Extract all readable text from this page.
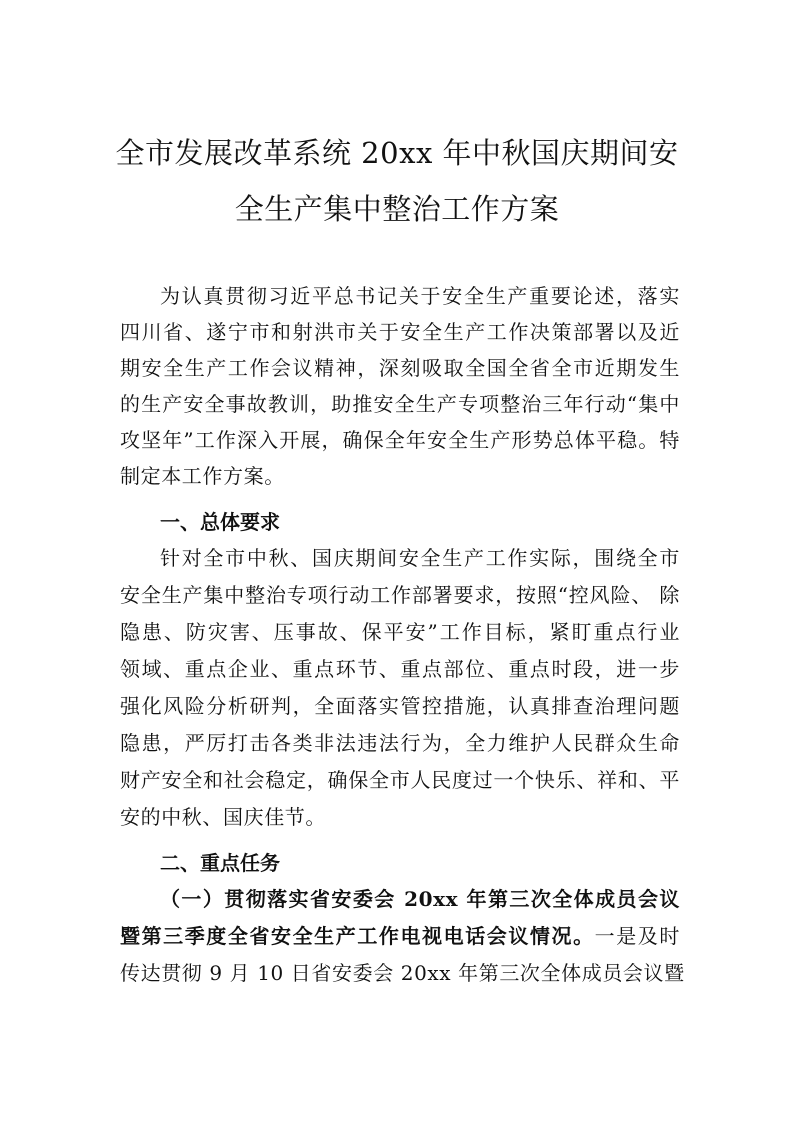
全市发展改革系统 20xx 年中秋国庆期间安
全生产集中整治工作方案
为认真贯彻习近平总书记关于安全生产重要论述，落实
四川省、遂宁市和射洪市关于安全生产工作决策部署以及近
期安全生产工作会议精神，深刻吸取全国全省全市近期发生
的生产安全事故教训，助推安全生产专项整治三年行动“集中
攻坚年”工作深入开展，确保全年安全生产形势总体平稳。特
制定本工作方案。
一、总体要求
针对全市中秋、国庆期间安全生产工作实际，围绕全市
安全生产集中整治专项行动工作部署要求，按照“控风险、 除
隐患、防灾害、压事故、保平安”工作目标，紧盯重点行业
领域、重点企业、重点环节、重点部位、重点时段，进一步
强化风险分析研判，全面落实管控措施，认真排查治理问题
隐患，严厉打击各类非法违法行为，全力维护人民群众生命
财产安全和社会稳定，确保全市人民度过一个快乐、祥和、平
安的中秋、国庆佳节。
二、重点任务
（一）贯彻落实省安委会 20xx 年第三次全体成员会议
暨第三季度全省安全生产工作电视电话会议情况。一是及时
传达贯彻 9 月 10 日省安委会 20xx 年第三次全体成员会议暨
